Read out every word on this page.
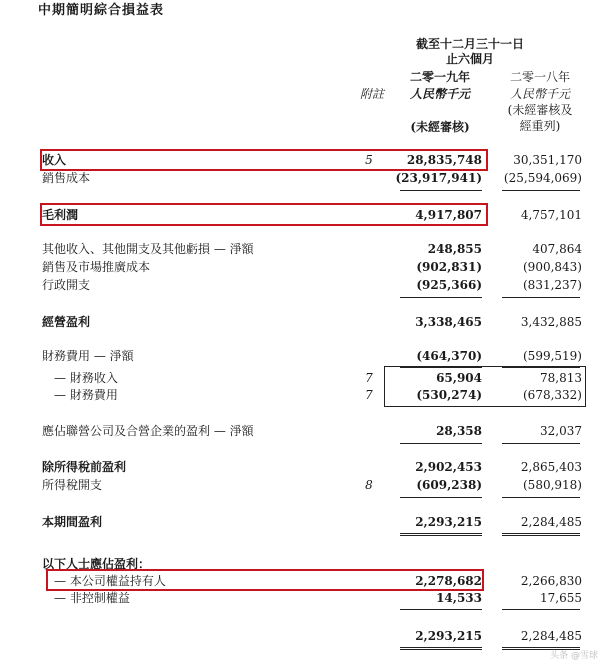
中期簡明綜合損益表
截至十二月三十一日
止六個月
附註
二零一九年
人民幣千元
(未經審核)
二零一八年
人民幣千元
(未經審核及
經重列)
收入	5	28,835,748	30,351,170
銷售成本	(23,917,941) (25,594,069)
毛利潤	4,917,807	4,757,101
其他收入、其他開支及其他虧損 — 淨額	248,855	407,864
銷售及市場推廣成本	(902,831)	(900,843)
行政開支	(925,366)	(831,237)
經營盈利	3,338,465	3,432,885
財務費用 — 淨額	(464,370)	(599,519)
— 財務收入	7	65,904	78,813
— 財務費用	7	(530,274)	(678,332)
應佔聯營公司及合營企業的盈利 — 淨額	28,358	32,037
除所得稅前盈利	2,902,453	2,865,403
所得稅開支	8	(609,238)	(580,918)
本期間盈利	2,293,215	2,284,485
以下人士應佔盈利：
— 本公司權益持有人	2,278,682	2,266,830
— 非控制權益	14,533	17,655
2,293,215	2,284,485
头条 @雪球
